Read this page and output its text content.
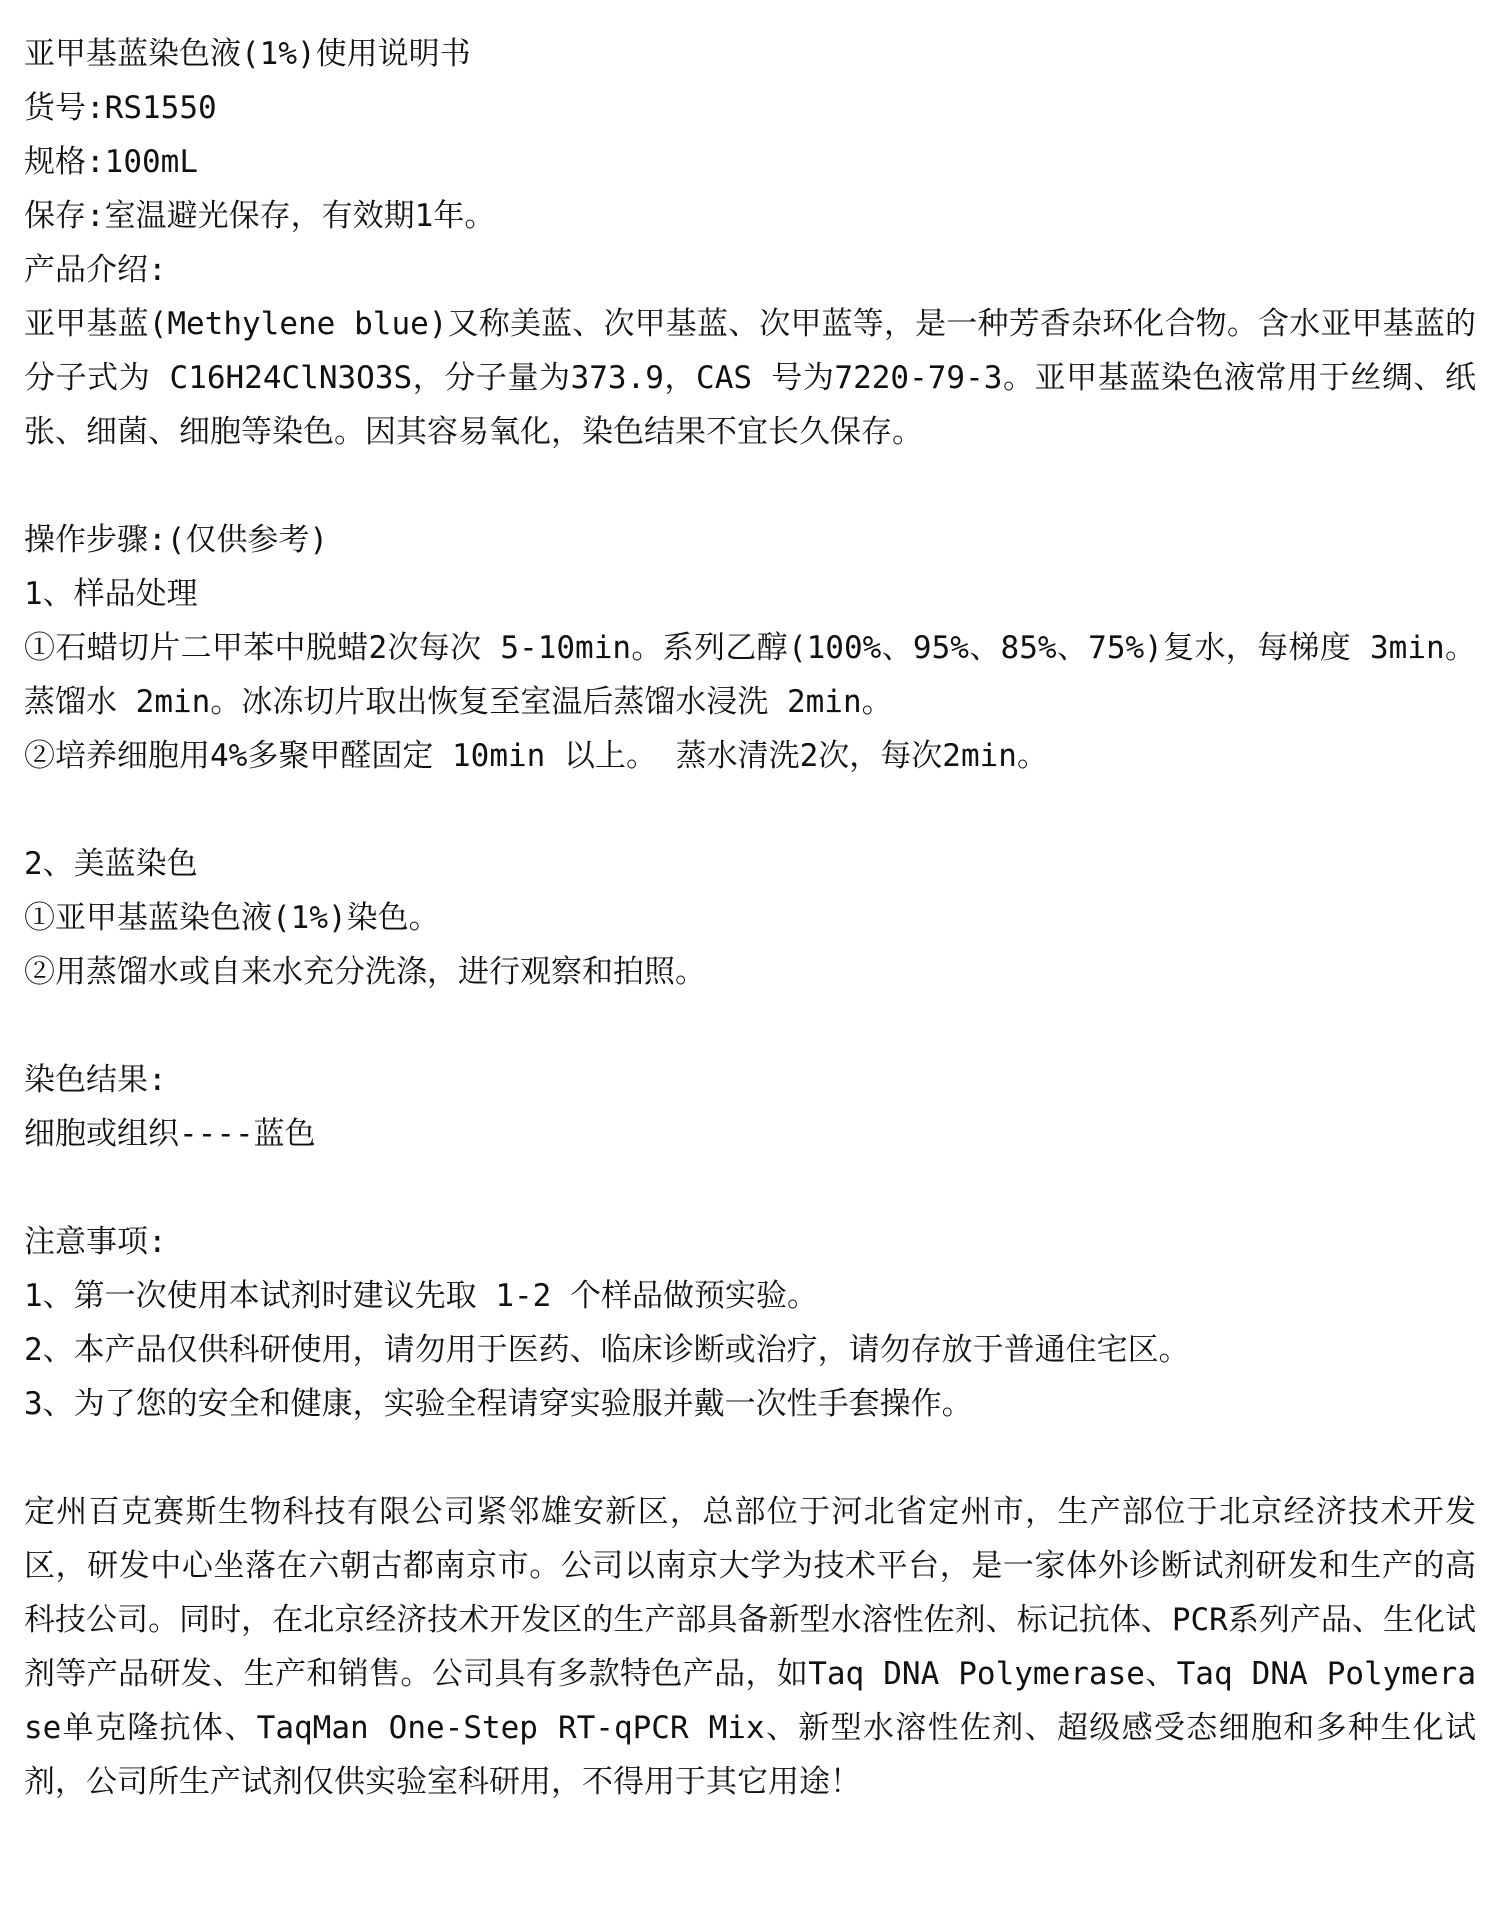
亚甲基蓝染色液(1%)使用说明书
货号:RS1550
规格:100mL
保存:室温避光保存，有效期1年。
产品介绍:
亚甲基蓝(Methylene blue)又称美蓝、次甲基蓝、次甲蓝等，是一种芳香杂环化合物。含水亚甲基蓝的分子式为 C16H24ClN3O3S，分子量为373.9，CAS 号为7220-79-3。亚甲基蓝染色液常用于丝绸、纸张、细菌、细胞等染色。因其容易氧化，染色结果不宜长久保存。
操作步骤:(仅供参考)
1、样品处理
①石蜡切片二甲苯中脱蜡2次每次 5-10min。系列乙醇(100%、95%、85%、75%)复水，每梯度 3min。蒸馏水 2min。冰冻切片取出恢复至室温后蒸馏水浸洗 2min。
②培养细胞用4%多聚甲醛固定 10min 以上。 蒸水清洗2次，每次2min。
2、美蓝染色
①亚甲基蓝染色液(1%)染色。
②用蒸馏水或自来水充分洗涤，进行观察和拍照。
染色结果:
细胞或组织----蓝色
注意事项:
1、第一次使用本试剂时建议先取 1-2 个样品做预实验。
2、本产品仅供科研使用，请勿用于医药、临床诊断或治疗，请勿存放于普通住宅区。
3、为了您的安全和健康，实验全程请穿实验服并戴一次性手套操作。
定州百克赛斯生物科技有限公司紧邻雄安新区，总部位于河北省定州市，生产部位于北京经济技术开发区，研发中心坐落在六朝古都南京市。公司以南京大学为技术平台，是一家体外诊断试剂研发和生产的高科技公司。同时，在北京经济技术开发区的生产部具备新型水溶性佐剂、标记抗体、PCR系列产品、生化试剂等产品研发、生产和销售。公司具有多款特色产品，如Taq DNA Polymerase、Taq DNA Polymerase单克隆抗体、TaqMan One-Step RT-qPCR Mix、新型水溶性佐剂、超级感受态细胞和多种生化试剂，公司所生产试剂仅供实验室科研用，不得用于其它用途！
